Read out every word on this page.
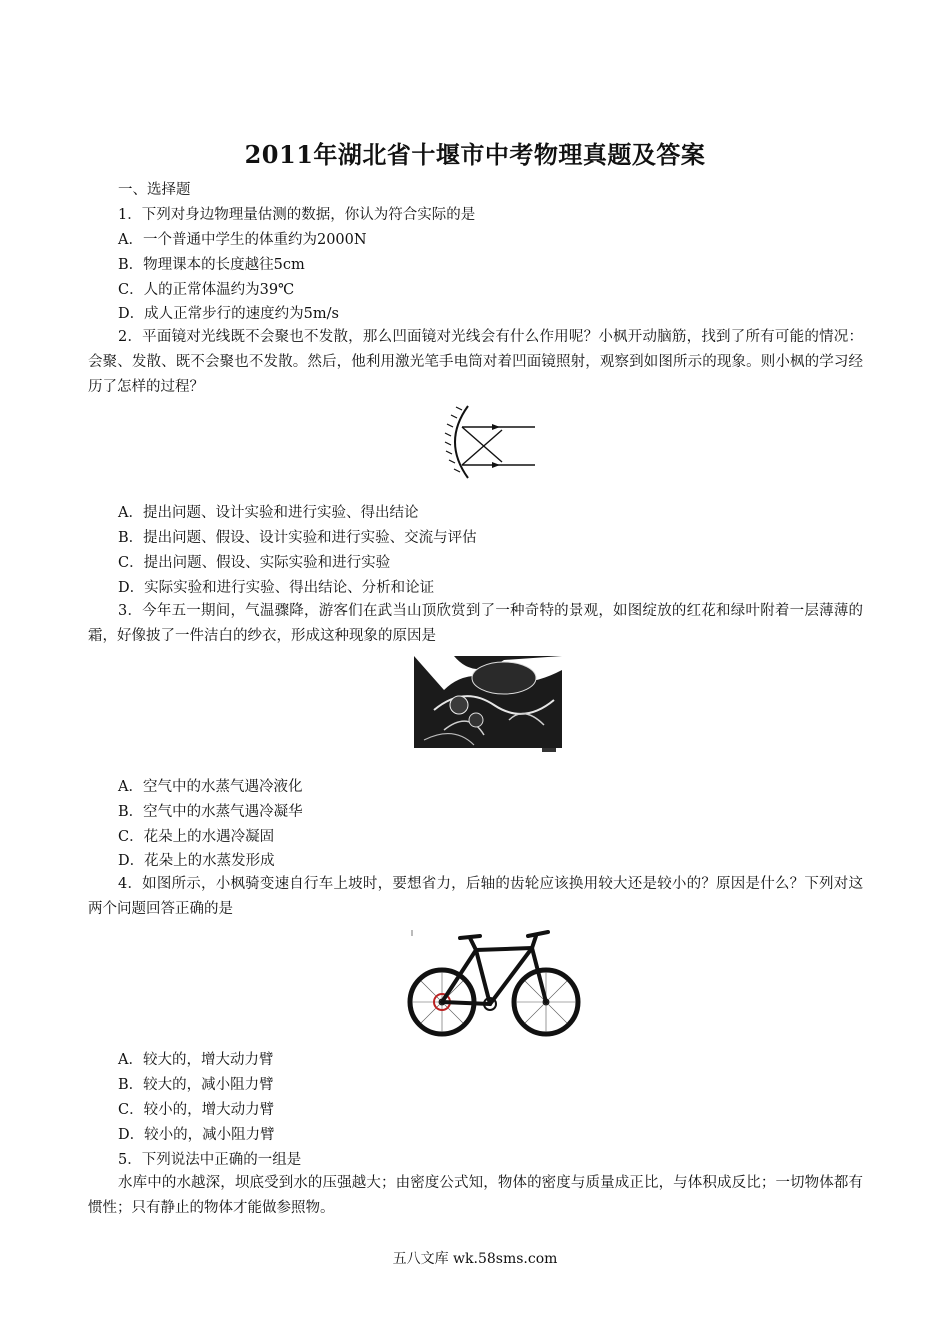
2011年湖北省十堰市中考物理真题及答案
一、选择题
1．下列对身边物理量估测的数据，你认为符合实际的是
A．一个普通中学生的体重约为2000N
B．物理课本的长度越往5cm
C．人的正常体温约为39℃
D．成人正常步行的速度约为5m/s
2．平面镜对光线既不会聚也不发散，那么凹面镜对光线会有什么作用呢？小枫开动脑筋，找到了所有可能的情况：会聚、发散、既不会聚也不发散。然后，他利用激光笔手电筒对着凹面镜照射，观察到如图所示的现象。则小枫的学习经历了怎样的过程？
A．提出问题、设计实验和进行实验、得出结论
B．提出问题、假设、设计实验和进行实验、交流与评估
C．提出问题、假设、实际实验和进行实验
D．实际实验和进行实验、得出结论、分析和论证
3．今年五一期间，气温骤降，游客们在武当山顶欣赏到了一种奇特的景观，如图绽放的红花和绿叶附着一层薄薄的霜，好像披了一件洁白的纱衣，形成这种现象的原因是
A．空气中的水蒸气遇冷液化
B．空气中的水蒸气遇冷凝华
C．花朵上的水遇冷凝固
D．花朵上的水蒸发形成
4．如图所示，小枫骑变速自行车上坡时，要想省力，后轴的齿轮应该换用较大还是较小的？原因是什么？下列对这两个问题回答正确的是
A．较大的，增大动力臂
B．较大的，减小阻力臂
C．较小的，增大动力臂
D．较小的，减小阻力臂
5．下列说法中正确的一组是
水库中的水越深，坝底受到水的压强越大；由密度公式知，物体的密度与质量成正比，与体积成反比；一切物体都有惯性；只有静止的物体才能做参照物。
五八文库 wk.58sms.com
